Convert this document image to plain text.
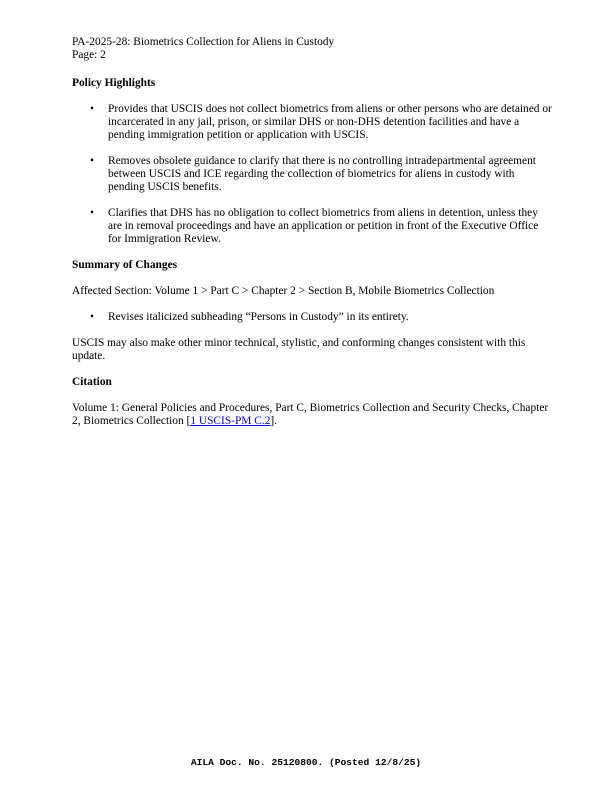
PA-2025-28: Biometrics Collection for Aliens in Custody

Page: 2

Policy Highlights
• Provides that USCIS does not collect biometrics from aliens or other persons who are detained or incarcerated in any jail, prison, or similar DHS or non-DHS detention facilities and have a pending immigration petition or application with USCIS.
• Removes obsolete guidance to clarify that there is no controlling intradepartmental agreement between USCIS and ICE regarding the collection of biometrics for aliens in custody with pending USCIS benefits.
• Clarifies that DHS has no obligation to collect biometrics from aliens in detention, unless they are in removal proceedings and have an application or petition in front of the Executive Office for Immigration Review.
Summary of Changes

Affected Section: Volume 1 > Part C > Chapter 2 > Section B, Mobile Biometrics Collection

• Revises italicized subheading “Persons in Custody” in its entirety.

USCIS may also make other minor technical, stylistic, and conforming changes consistent with this update.

Citation

Volume 1: General Policies and Procedures, Part C, Biometrics Collection and Security Checks, Chapter 2, Biometrics Collection [1 USCIS-PM C.2].

AILA Doc. No. 25120800. (Posted 12/8/25)
